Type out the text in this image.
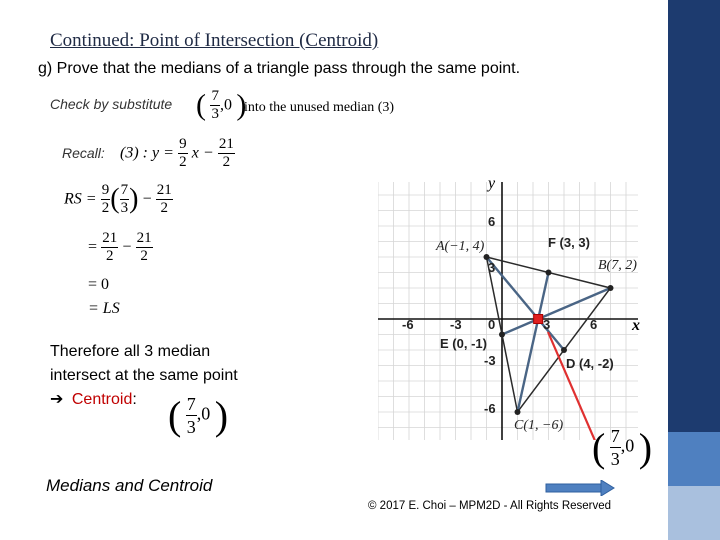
Continued: Point of Intersection (Centroid)
g) Prove that the medians of a triangle pass through the same point.
Check by substitute ( $\frac{7}{3} ,0$ )
into the unused median (3)
Recall: (3) : $y = \frac{9}{2}$ $x - \frac{21}{2}$
RS = $\frac{9}{2}$ ( $\frac{7}{3}$ ) − $\frac{21}{2}$
= $\frac{21}{2} - \frac{21}{2}$
= 0
= LS
Therefore all 3 median
intersect at the same point
➔ Centroid: ( $\frac{7}{3} ,0$ )
y
x
6
3
-3
-6
-6	-3 0	3	6
A(−1, 4)
B(7, 2)
C(1, −6)
D (4, -2)
E (0, -1)
F (3, 3)
( $\frac{7}{3} ,0$ )
Medians and Centroid
© 2017 E. Choi – MPM2D - All Rights Reserved
